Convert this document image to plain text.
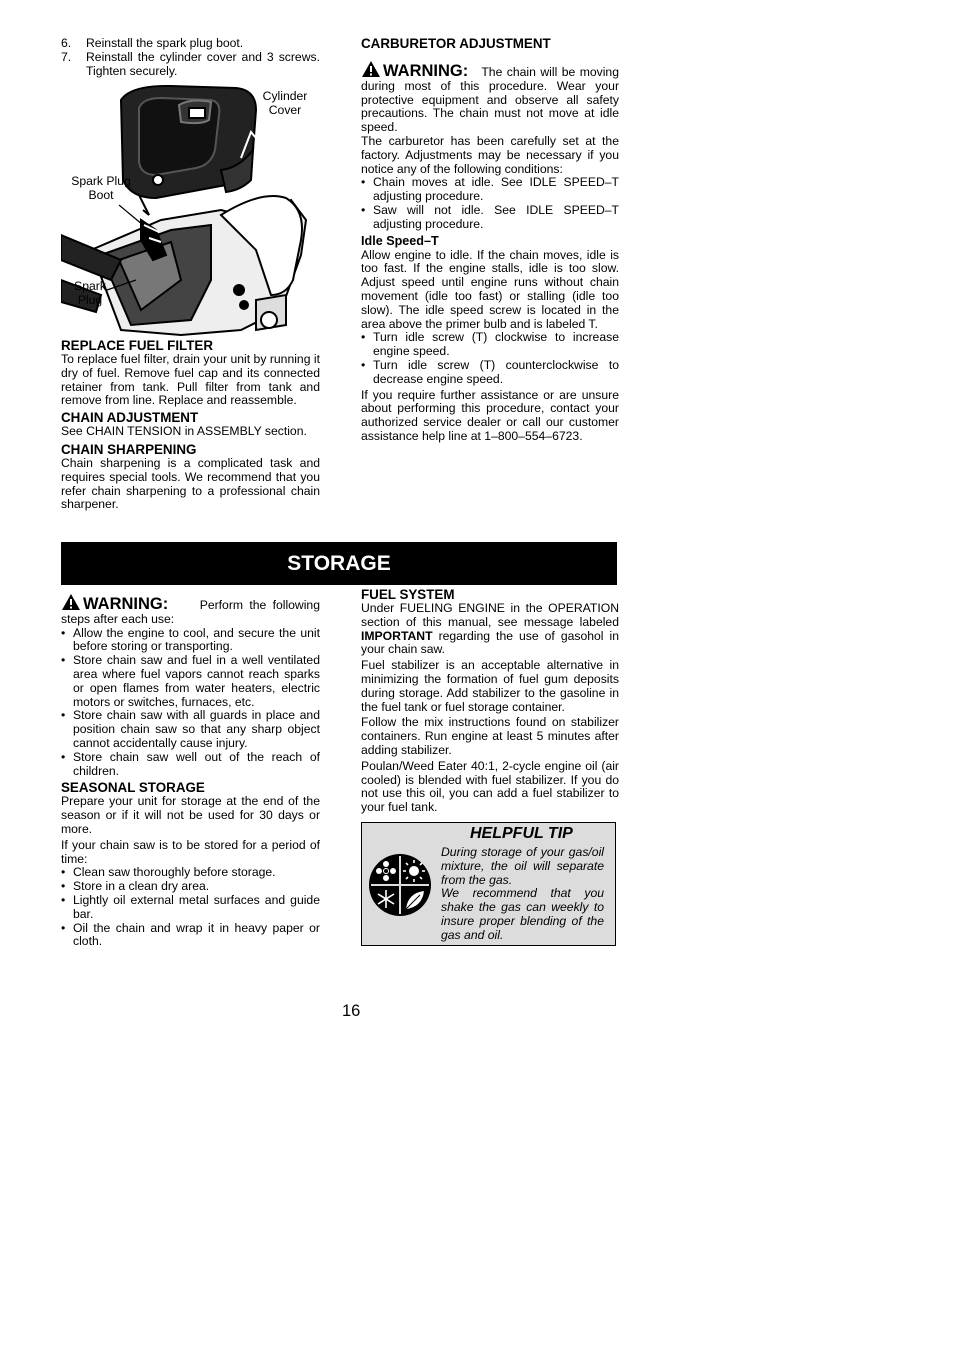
6. Reinstall the spark plug boot.
7. Reinstall the cylinder cover and 3 screws. Tighten securely.
Cylinder Cover
Spark Plug Boot
Spark Plug
REPLACE FUEL FILTER

To replace fuel filter, drain your unit by running it dry of fuel. Remove fuel cap and its connected retainer from tank. Pull filter from tank and remove from line. Replace and reassemble.

CHAIN ADJUSTMENT

See CHAIN TENSION in ASSEMBLY section.

CHAIN SHARPENING

Chain sharpening is a complicated task and requires special tools. We recommend that you refer chain sharpening to a professional chain sharpener.

CARBURETOR ADJUSTMENT

WARNING: The chain will be moving during most of this procedure. Wear your protective equipment and observe all safety precautions. The chain must not move at idle speed.

The carburetor has been carefully set at the factory. Adjustments may be necessary if you notice any of the following conditions:

• Chain moves at idle. See IDLE SPEED–T adjusting procedure.
• Saw will not idle. See IDLE SPEED–T adjusting procedure.
Idle Speed–T

Allow engine to idle. If the chain moves, idle is too fast. If the engine stalls, idle is too slow. Adjust speed until engine runs without chain movement (idle too fast) or stalling (idle too slow). The idle speed screw is located in the area above the primer bulb and is labeled T.

• Turn idle screw (T) clockwise to increase engine speed.
• Turn idle screw (T) counterclockwise to decrease engine speed.

If you require further assistance or are unsure about performing this procedure, contact your authorized service dealer or call our customer assistance help line at 1–800–554–6723.

STORAGE

WARNING:	Perform the following steps after each use:

• Allow the engine to cool, and secure the unit before storing or transporting.
• Store chain saw and fuel in a well ventilated area where fuel vapors cannot reach sparks or open flames from water heaters, electric motors or switches, furnaces, etc.
• Store chain saw with all guards in place and position chain saw so that any sharp object cannot accidentally cause injury.
• Store chain saw well out of the reach of children.
SEASONAL STORAGE

Prepare your unit for storage at the end of the season or if it will not be used for 30 days or more.

If your chain saw is to be stored for a period of time:

• Clean saw thoroughly before storage.
• Store in a clean dry area.
• Lightly oil external metal surfaces and guide bar.
• Oil the chain and wrap it in heavy paper or cloth.
FUEL SYSTEM

Under FUELING ENGINE in the OPERATION section of this manual, see message labeled IMPORTANT regarding the use of gasohol in your chain saw.

Fuel stabilizer is an acceptable alternative in minimizing the formation of fuel gum deposits during storage. Add stabilizer to the gasoline in the fuel tank or fuel storage container.

Follow the mix instructions found on stabilizer containers. Run engine at least 5 minutes after adding stabilizer.

Poulan/Weed Eater 40:1, 2-cycle engine oil (air cooled) is blended with fuel stabilizer. If you do not use this oil, you can add a fuel stabilizer to your fuel tank.

HELPFUL TIP

During storage of your gas/oil mixture, the oil will separate from the gas.

We recommend that you shake the gas can weekly to insure proper blending of the gas and oil.

16
